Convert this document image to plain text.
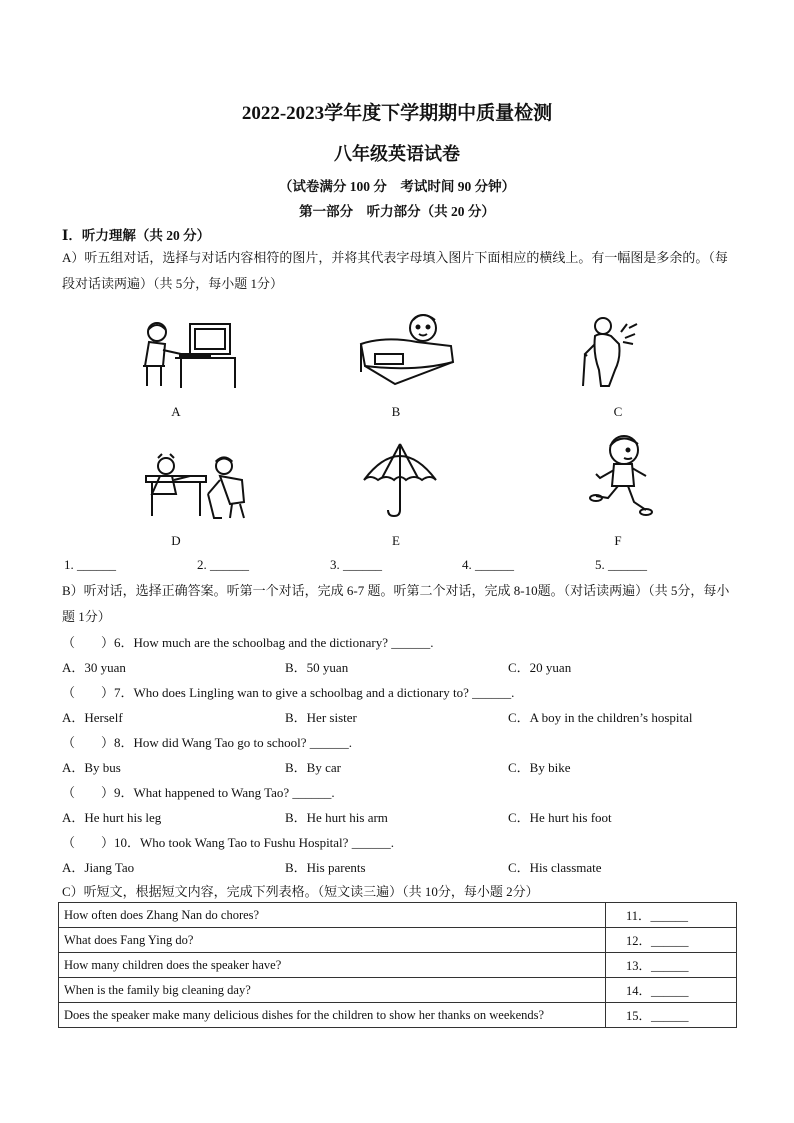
2022-2023学年度下学期期中质量检测
八年级英语试卷
（试卷满分 100 分　考试时间 90 分钟）
第一部分　听力部分（共 20 分）
Ⅰ．听力理解（共 20 分）
A）听五组对话，选择与对话内容相符的图片，并将其代表字母填入图片下面相应的横线上。有一幅图是多余的。（每段对话读两遍）（共 5分，每小题 1分）
A	B	C
D	E	F
1. ______	2. ______	3. ______	4. ______	5. ______
B）听对话，选择正确答案。听第一个对话，完成 6-7 题。听第二个对话，完成 8-10题。（对话读两遍）（共 5分，每小题 1分）
（　　）6．How much are the schoolbag and the dictionary? ______.
A．30 yuan	B．50 yuan	C．20 yuan
（　　）7．Who does Lingling wan to give a schoolbag and a dictionary to? ______.
A．Herself	B．Her sister	C．A boy in the children’s hospital
（　　）8．How did Wang Tao go to school? ______.
A．By bus	B．By car	C．By bike
（　　）9．What happened to Wang Tao? ______.
A．He hurt his leg	B．He hurt his arm	C．He hurt his foot
（　　）10．Who took Wang Tao to Fushu Hospital? ______.
A．Jiang Tao	B．His parents	C．His classmate
C）听短文，根据短文内容，完成下列表格。（短文读三遍）（共 10分，每小题 2分）
How often does Zhang Nan do chores?	11．______
What does Fang Ying do?	12．______
How many children does the speaker have?	13．______
When is the family big cleaning day?	14．______
Does the speaker make many delicious dishes for the children to show her thanks on weekends?	15．______
